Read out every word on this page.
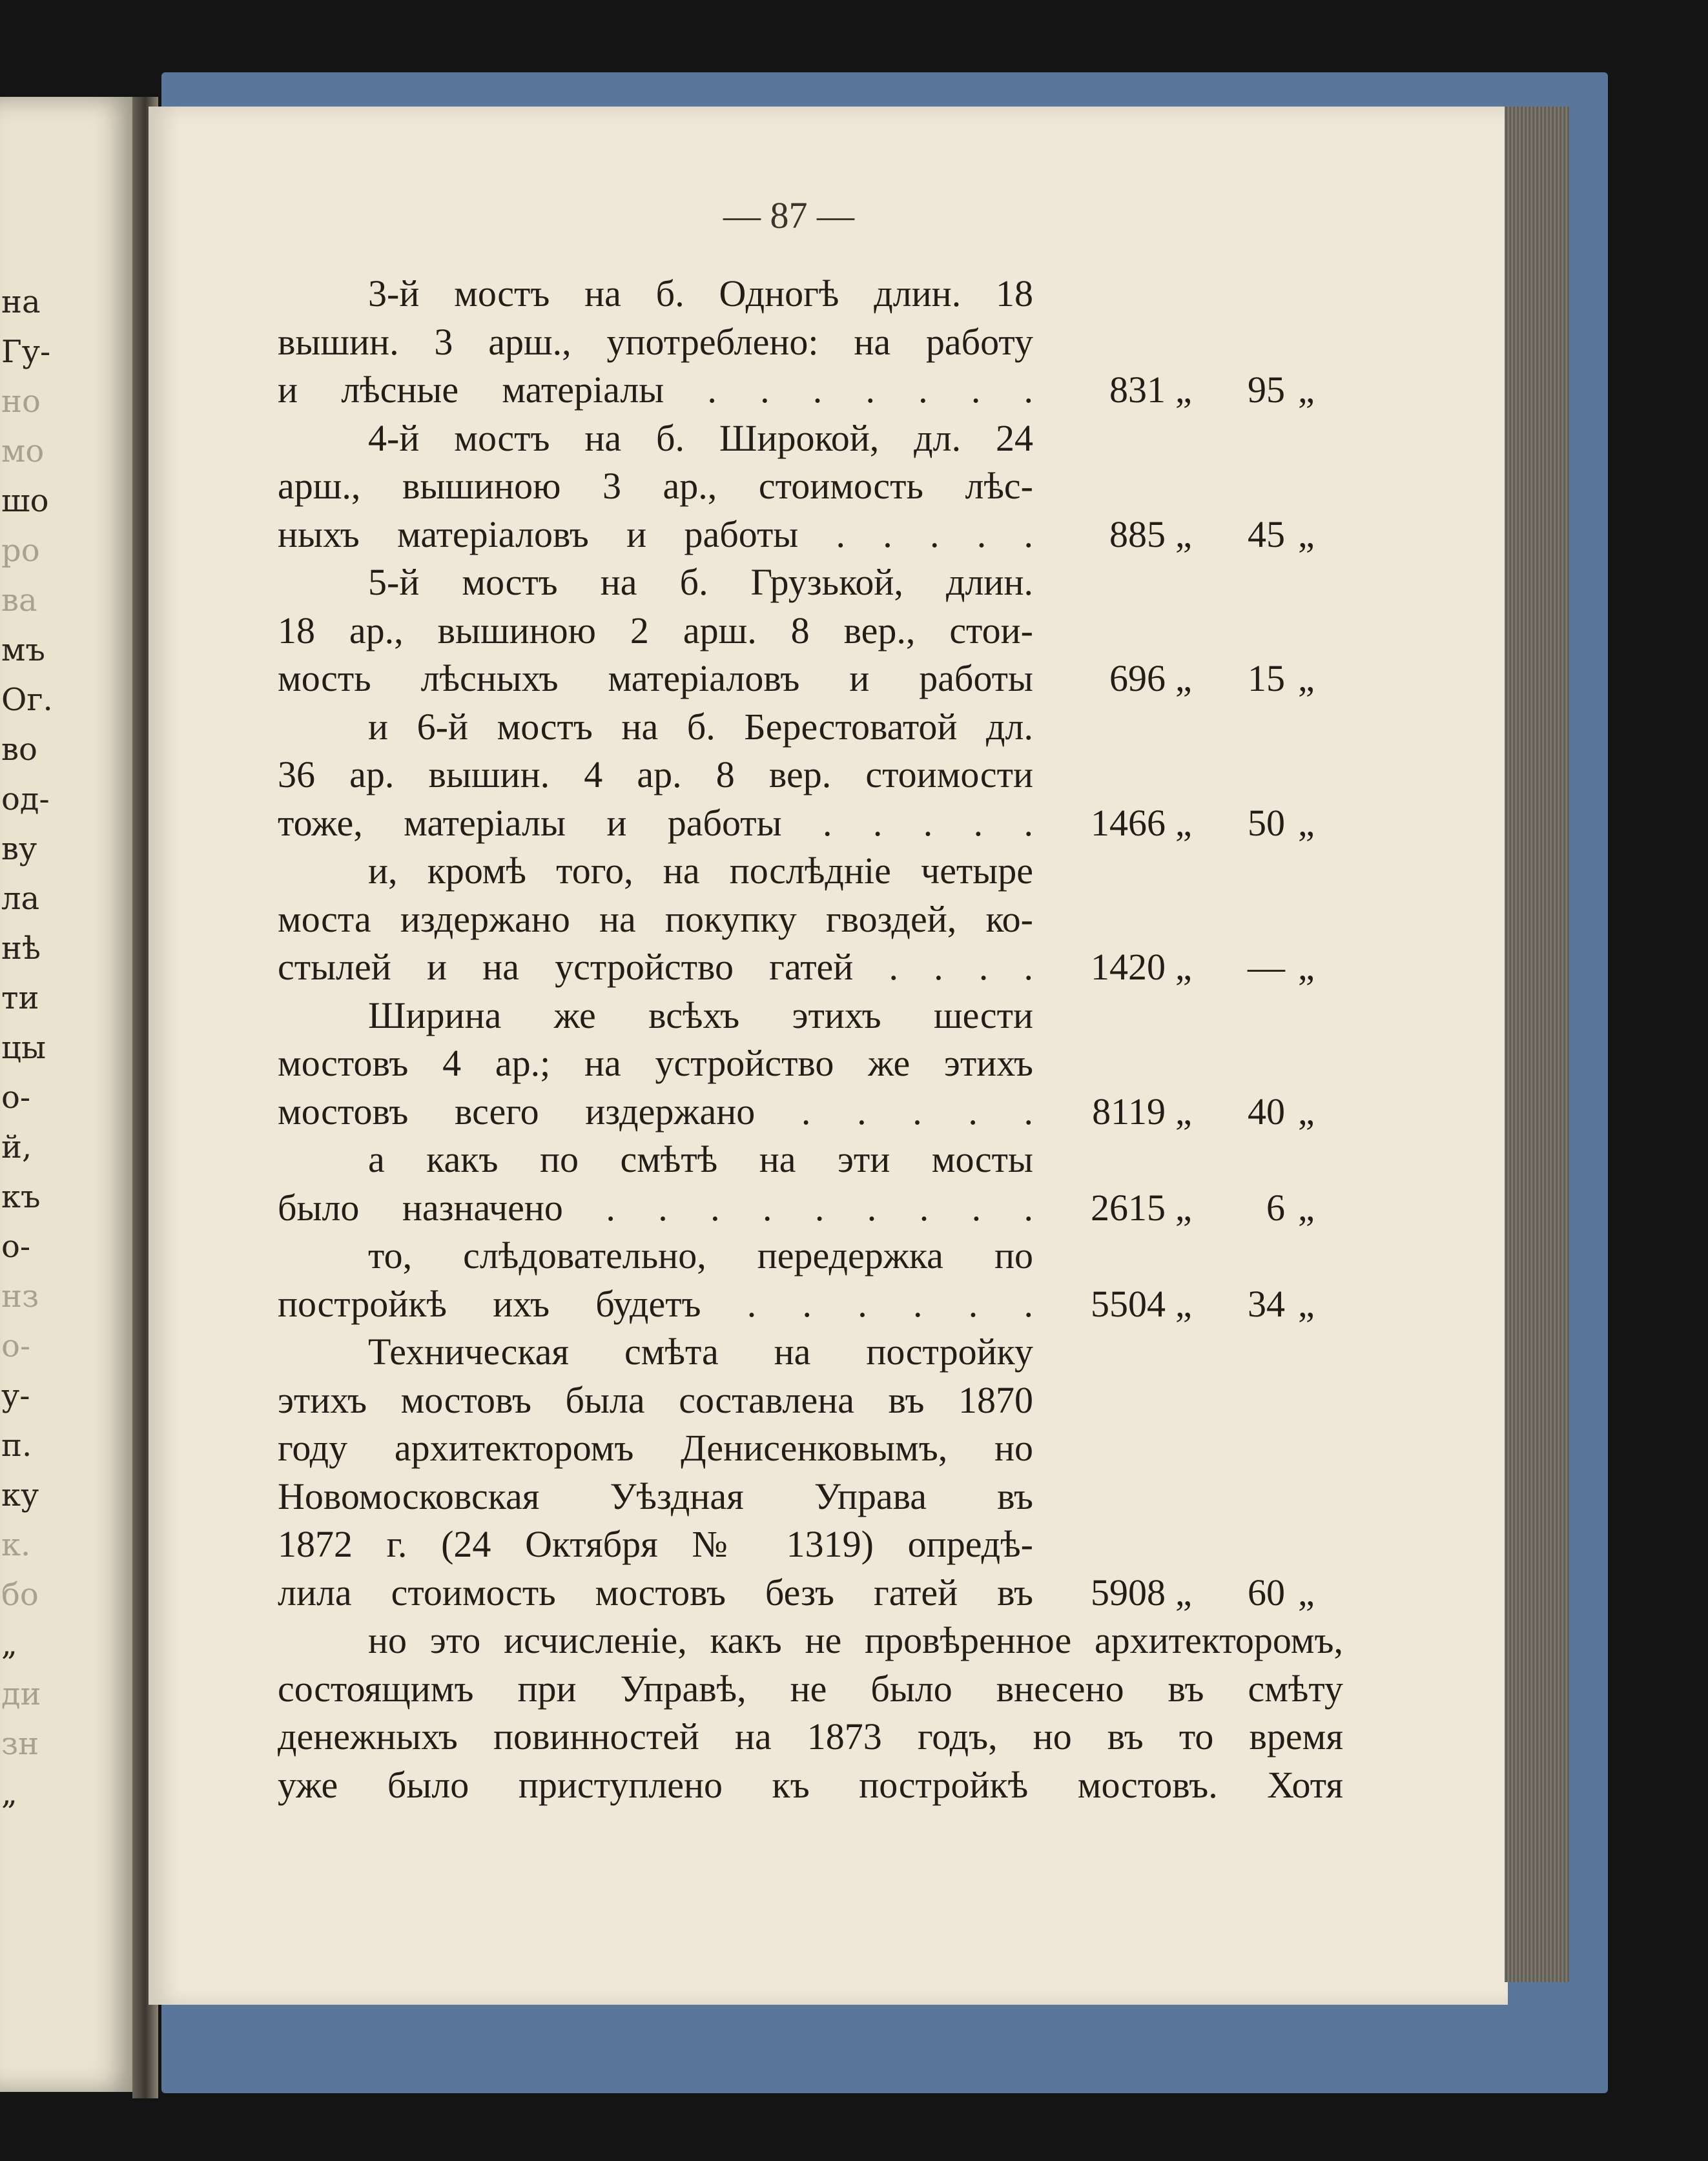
на
Гу-
но
мо
шо
ро
ва
мъ
Ог.
во
од-
ву
ла
нѣ
ти
цы
о-
й,
къ
о-
нз
о-
у-
п.
ку
к.
бо
„
ди
зн
„
— 87 —
3-й мостъ на б. Одногѣ длин. 18
вышин. 3 арш., употреблено: на работу
и лѣсные матеріалы . . . . . . .	831 „	95 „
4-й мостъ на б. Широкой, дл. 24
арш., вышиною 3 ар., стоимость лѣс-
ныхъ матеріаловъ и работы . . . . .	885 „	45 „
5-й мостъ на б. Грузькой, длин.
18 ар., вышиною 2 арш. 8 вер., стои-
мость лѣсныхъ матеріаловъ и работы	696 „	15 „
и 6-й мостъ на б. Берестоватой дл.
36 ар. вышин. 4 ар. 8 вер. стоимости
тоже, матеріалы и работы . . . . .	1466 „	50 „
и, кромѣ того, на послѣдніе четыре
моста издержано на покупку гвоздей, ко-
стылей и на устройство гатей . . . .	1420 „	— „
Ширина же всѣхъ этихъ шести
мостовъ 4 ар.; на устройство же этихъ
мостовъ всего издержано . . . . .	8119 „	40 „
а какъ по смѣтѣ на эти мосты
было назначено . . . . . . . . .	2615 „	6 „
то, слѣдовательно, передержка по
постройкѣ ихъ будетъ . . . . . .	5504 „	34 „
Техническая смѣта на постройку
этихъ мостовъ была составлена въ 1870
году архитекторомъ Денисенковымъ, но
Новомосковская Уѣздная Управа въ
1872 г. (24 Октября № 1319) опредѣ-
лила стоимость мостовъ безъ гатей въ	5908 „	60 „
но это исчисленіе, какъ не провѣренное архитекторомъ,
состоящимъ при Управѣ, не было внесено въ смѣту
денежныхъ повинностей на 1873 годъ, но въ то время
уже было приступлено къ постройкѣ мостовъ. Хотя
